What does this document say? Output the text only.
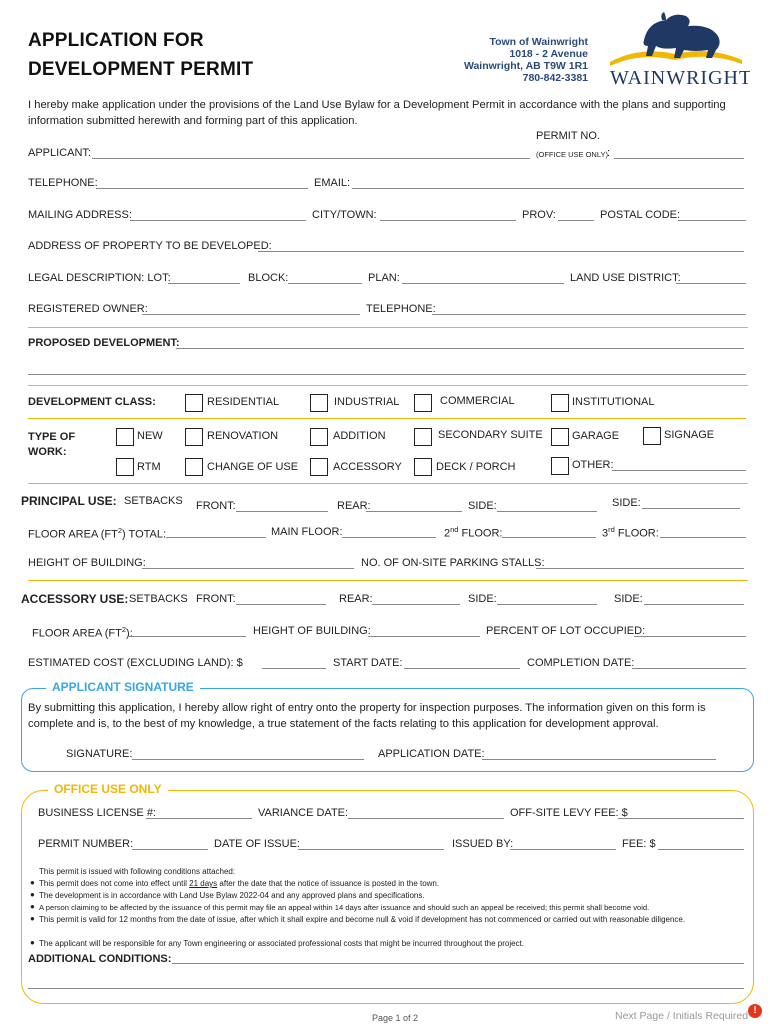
APPLICATION FOR
DEVELOPMENT PERMIT
Town of Wainwright
1018 - 2 Avenue
Wainwright, AB T9W 1R1
780-842-3381 WAINWRIGHT
I hereby make application under the provisions of the Land Use Bylaw for a Development Permit in accordance with the plans and supporting information submitted herewith and forming part of this application.
PERMIT NO.
APPLICANT:	(OFFICE USE ONLY) :
TELEPHONE:	EMAIL:
MAILING ADDRESS:	CITY/TOWN:	PROV:	POSTAL CODE:
ADDRESS OF PROPERTY TO BE DEVELOPED:
LEGAL DESCRIPTION: LOT:	BLOCK:	PLAN:	LAND USE DISTRICT:
REGISTERED OWNER:	TELEPHONE:
PROPOSED DEVELOPMENT:
DEVELOPMENT CLASS:	RESIDENTIAL	INDUSTRIAL	COMMERCIAL	INSTITUTIONAL
TYPE OF
WORK:
NEW	RENOVATION	ADDITION	SECONDARY SUITE	GARAGE	SIGNAGE
RTM	CHANGE OF USE	ACCESSORY	DECK / PORCH	OTHER:
PRINCIPAL USE: SETBACKS FRONT:	REAR:	SIDE:	SIDE:
FLOOR AREA $(FT^2)$ TOTAL:	MAIN FLOOR:	2nd FLOOR:	3rd FLOOR:
HEIGHT OF BUILDING:	NO. OF ON-SITE PARKING STALLS:
ACCESSORY USE: SETBACKS FRONT:	REAR:	SIDE:	SIDE:
FLOOR AREA $(FT^2)$:	HEIGHT OF BUILDING:	PERCENT OF LOT OCCUPIED:
ESTIMATED COST (EXCLUDING LAND): $	START DATE:	COMPLETION DATE:
APPLICANT SIGNATURE
By submitting this application, I hereby allow right of entry onto the property for inspection purposes. The information given on this form is complete and is, to the best of my knowledge, a true statement of the facts relating to this application for development approval.
SIGNATURE:	APPLICATION DATE:
OFFICE USE ONLY
BUSINESS LICENSE #:	VARIANCE DATE:	OFF-SITE LEVY FEE: $
PERMIT NUMBER:	DATE OF ISSUE:	ISSUED BY:	FEE: $
This permit is issued with following conditions attached:
● This permit does not come into effect until 21 days after the date that the notice of issuance is posted in the town.
● The development is in accordance with Land Use Bylaw 2022-04 and any approved plans and specifications.
● A person claiming to be affected by the issuance of this permit may file an appeal within 14 days after issuance and should such an appeal be received; this permit shall become void.
● This permit is valid for 12 months from the date of issue, after which it shall expire and become null & void if development has not commenced or carried out with reasonable diligence.
● The applicant will be responsible for any Town engineering or associated professional costs that might be incurred throughout the project.
ADDITIONAL CONDITIONS:
Page 1 of 2	Next Page / Initials Required !
